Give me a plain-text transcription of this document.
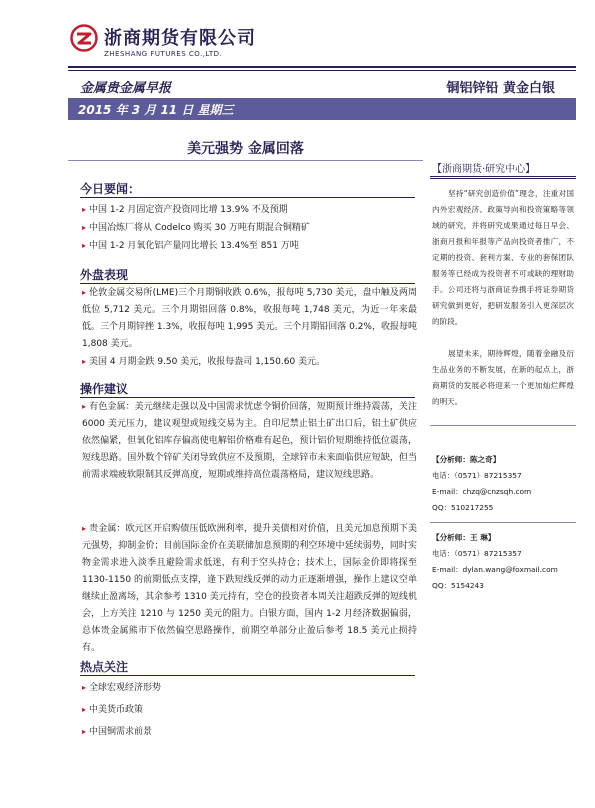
浙商期货有限公司
ZHESHANG FUTURES CO.,LTD.
金属贵金属早报	铜铝锌铅 黄金白银
2015 年 3 月 11 日 星期三
美元强势 金属回落
今日要闻：
▸ 中国 1-2 月固定资产投资同比增 13.9% 不及预期
▸ 中国冶炼厂将从 Codelco 购买 30 万吨有期混合铜精矿
▸ 中国 1-2 月氧化铝产量同比增长 13.4%至 851 万吨
外盘表现
▸ 伦敦金属交易所(LME)三个月期铜收跌 0.6%，报每吨 5,730 美元，盘中触及两周低位 5,712 美元。三个月期铝回落 0.8%，收报每吨 1,748 美元，为近一年来最低。三个月期锌挫 1.3%，收报每吨 1,995 美元。三个月期铅回落 0.2%，收报每吨 1,808 美元。
▸ 美国 4 月期金跌 9.50 美元，收报每盎司 1,150.60 美元。
操作建议
▸ 有色金属：美元继续走强以及中国需求忧虑令铜价回落，短期预计维持震荡，关注 6000 美元压力，建议观望或短线交易为主。自印尼禁止铝土矿出口后，铝土矿供应依然偏紧，但氧化铝库存偏高使电解铝价格难有起色，预计铝价短期维持低位震荡，短线思路。国外数个锌矿关闭导致供应不及预期，全球锌市未来面临供应短缺，但当前需求端疲软限制其反弹高度，短期或维持高位震荡格局，建议短线思路。
▸ 贵金属：欧元区开启购债压低欧洲利率，提升美债相对价值，且美元加息预期下美元强势，抑制金价；目前国际金价在美联储加息预期的利空环境中延续弱势，同时实物金需求进入淡季且避险需求低迷，有利于空头持仓；技术上，国际金价即将探至 1130-1150 的前期低点支撑，逢下跌短线反弹的动力正逐渐增强，操作上建议空单继续止盈离场，其余参考 1310 美元持有，空仓的投资者本周关注超跌反弹的短线机会，上方关注 1210 与 1250 美元的阻力。白银方面，国内 1-2 月经济数据偏弱，总体贵金属熊市下依然偏空思路操作，前期空单部分止盈后参考 18.5 美元止损持有。
热点关注
▸ 全球宏观经济形势
▸ 中美货币政策
▸ 中国铜需求前景
【浙商期货·研究中心】
坚持“研究创造价值”理念，注重对国内外宏观经济、政策导向和投资策略等领域的研究，并将研究成果通过每日早会、浙商月报和年报等产品向投资者推广，不定期的投资、套利方案、专业的套保团队服务等已经成为投资者不可或缺的理财助手。公司还将与浙商证券携手将证券期货研究做到更好，把研发服务引入更深层次的阶段。
展望未来，期待辉煌，随着金融及衍生品业务的不断发展，在新的起点上，浙商期货的发展必将迎来一个更加灿烂辉煌的明天。
【分析师：陈之奇】
电话：（0571）87215357
E-mail：chzq@cnzsqh.com
QQ：510217255
【分析师：王 琳】
电话：（0571）87215357
E-mail：dylan.wang@foxmail.com
QQ：5154243
